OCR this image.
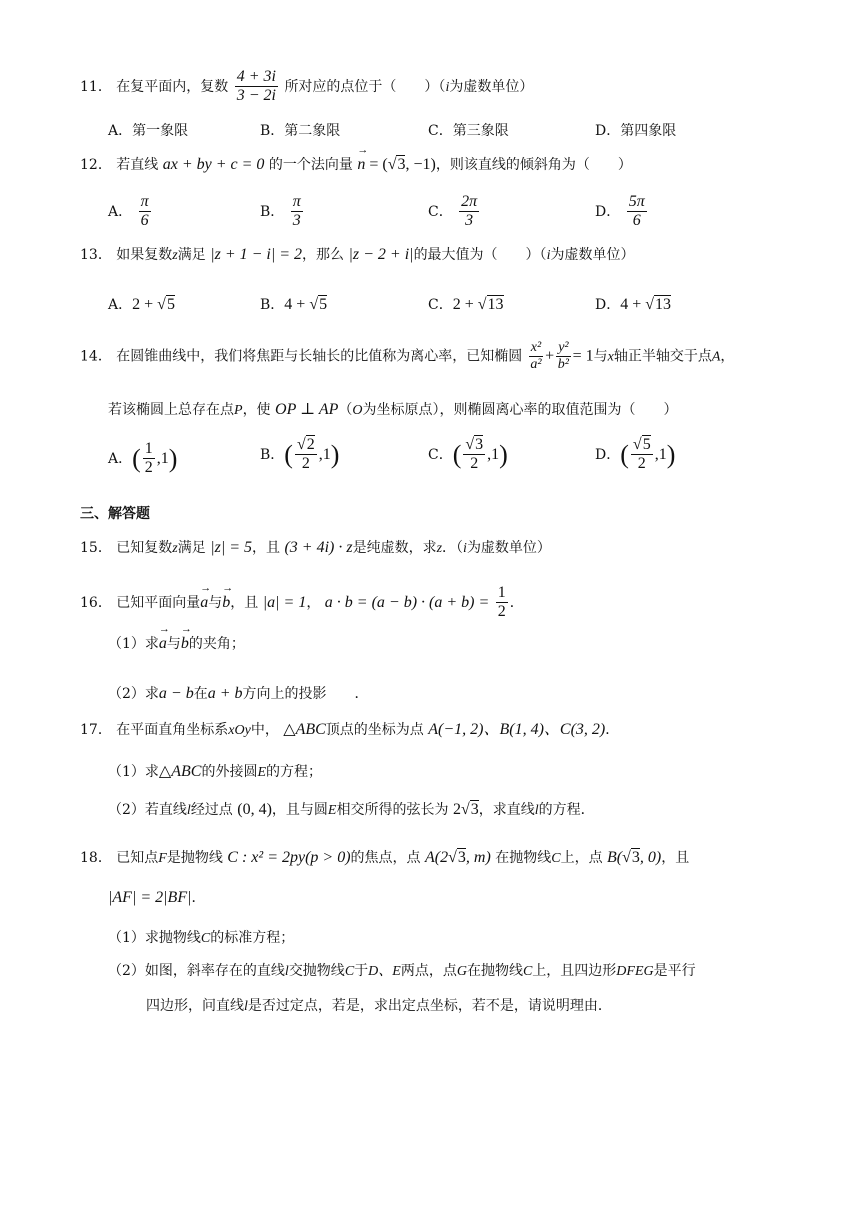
11． 在复平面内，复数 $\frac{4 + 3i}{3 - 2i}$ 所对应的点位于（　　）（i为虚数单位）
A．第一象限	B．第二象限	C．第三象限	D．第四象限
12． 若直线 ax + by + c = 0 的一个法向量 → n = (√3, −1)，则该直线的倾斜角为（　　）
A． $\frac{\pi}{6}$	B． $\frac{\pi}{3}$	C． $\frac{2\pi}{3}$	D． $\frac{5\pi}{6}$
13． 如果复数z满足 |z + 1 − i| = 2，那么 |z − 2 + i|的最大值为（　　）（i为虚数单位）
A．2 + √5	B．4 + √5	C．2 + √13	D．4 + √13
14． 在圆锥曲线中，我们将焦距与长轴长的比值称为离心率，已知椭圆 $\frac{\text{x²}}{\text{a²}} + \frac{\text{y²}}{\text{b²}} = 1$与x轴正半轴交于点A，
若该椭圆上总存在点P，使 OP ⊥ AP（O为坐标原点），则椭圆离心率的取值范围为（　　）
A．( $\frac{1}{2} ,1$)	B．( $\frac{√2}{2} ,1$)	C．( $\frac{√3}{2} ,1$)	D．( $\frac{√5}{2} ,1$)
三、解答题
15． 已知复数z满足 |z| = 5，且 (3 + 4i) · z是纯虚数，求z．（i为虚数单位）
16． 已知平面向量→ a与→ b，且 |a| = 1， $a \cdot b = (a - b) \cdot (a + b) = \frac{1}{2}$ ．
（1）求→ a与→ b的夹角；
（2）求a − b在a + b方向上的投影　　．
17． 在平面直角坐标系xOy中， △ABC顶点的坐标为点 A(−1, 2)、B(1, 4)、C(3, 2)．
（1）求△ABC的外接圆E的方程；
（2）若直线l经过点 (0, 4)，且与圆E相交所得的弦长为 2√3，求直线l的方程．
18． 已知点F是抛物线 C : x² = 2py(p > 0)的焦点，点 A(2√3, m) 在抛物线C上，点 B(√3, 0)，且
|AF| = 2|BF|．
（1）求抛物线C的标准方程；
（2）如图，斜率存在的直线l交抛物线C于D、E两点，点G在抛物线C上，且四边形DFEG是平行
四边形，问直线l是否过定点，若是，求出定点坐标，若不是，请说明理由．
